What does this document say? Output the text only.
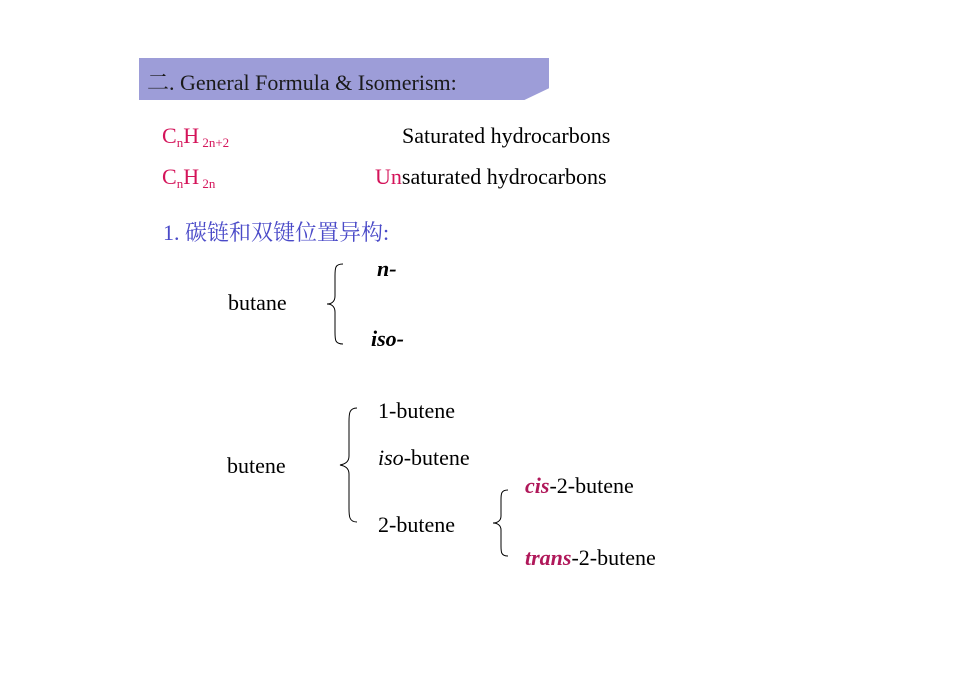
二. General Formula & Isomerism:
$C_nH$ $_{2n+2}$	Saturated hydrocarbons
$C_nH$ $_{2n}$	Unsaturated hydrocarbons
1. 碳链和双键位置异构:
butane
n-
iso-
butene
1-butene
iso-butene
2-butene
cis-2-butene
trans-2-butene
